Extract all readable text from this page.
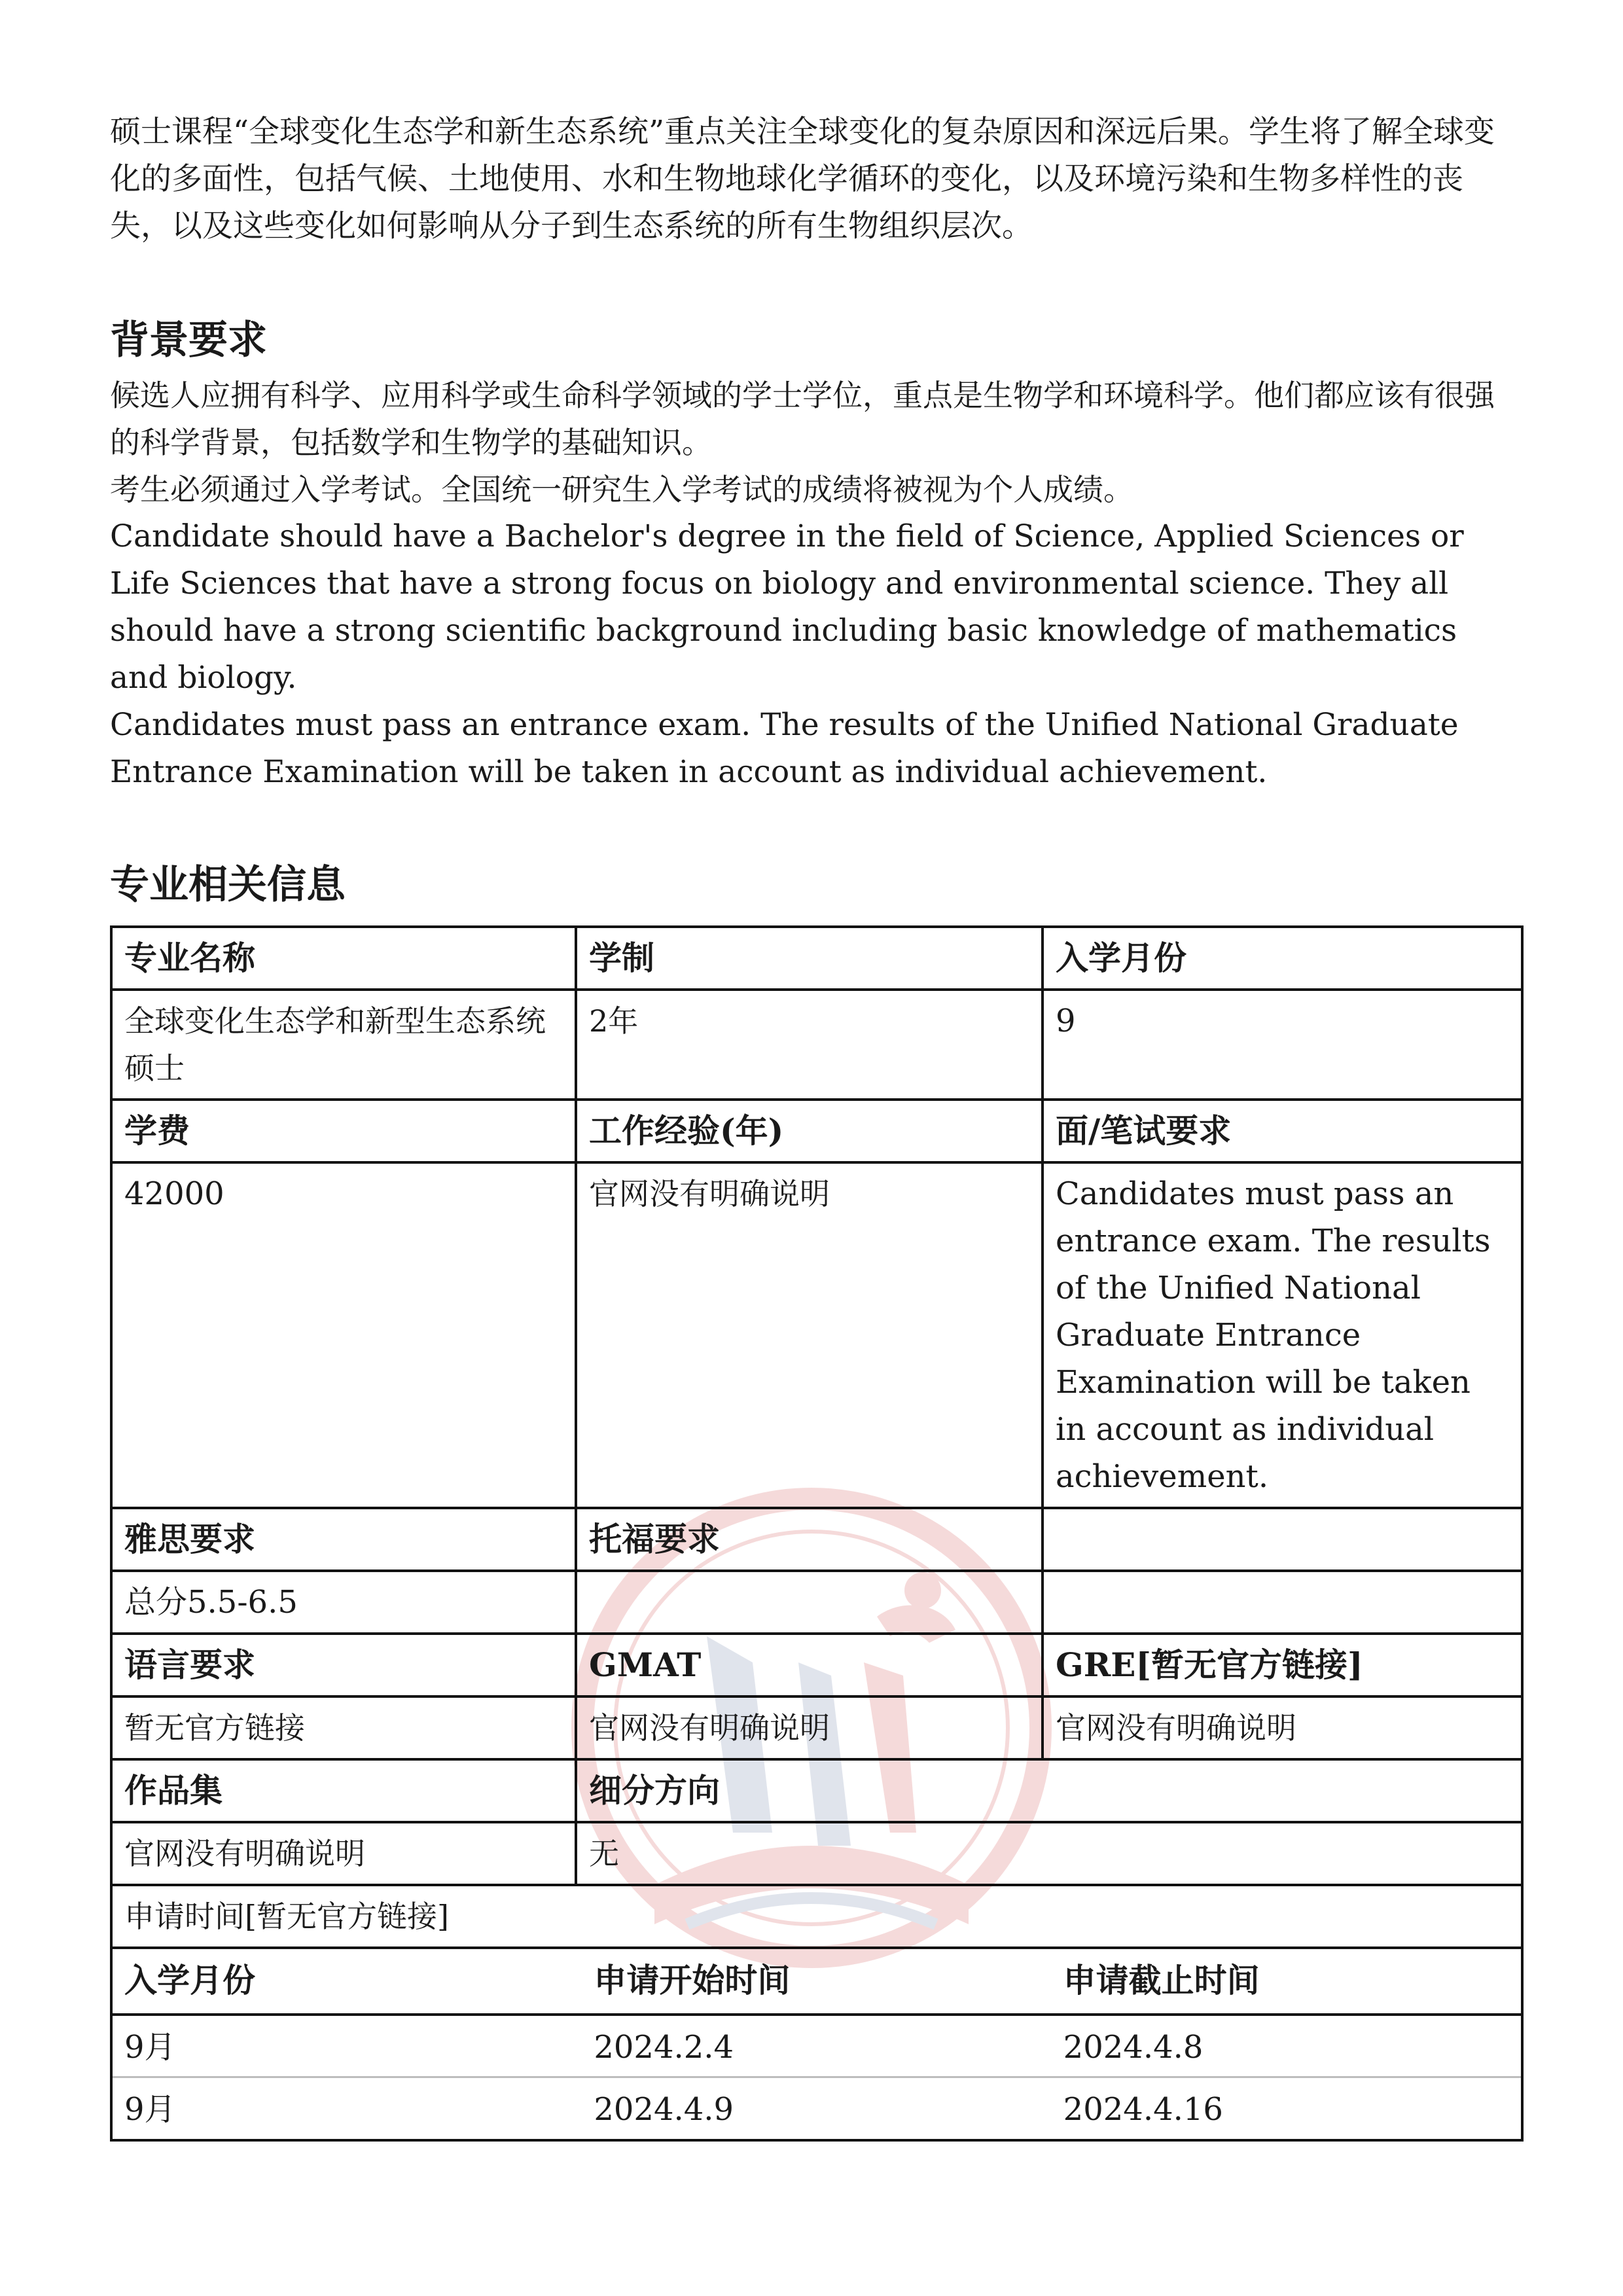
硕士课程“全球变化生态学和新生态系统”重点关注全球变化的复杂原因和深远后果。学生将了解全球变化的多面性，包括气候、土地使用、水和生物地球化学循环的变化，以及环境污染和生物多样性的丧失，以及这些变化如何影响从分子到生态系统的所有生物组织层次。
背景要求

候选人应拥有科学、应用科学或生命科学领域的学士学位，重点是生物学和环境科学。他们都应该有很强的科学背景，包括数学和生物学的基础知识。

考生必须通过入学考试。全国统一研究生入学考试的成绩将被视为个人成绩。

Candidate should have a Bachelor's degree in the field of Science, Applied Sciences or Life Sciences that have a strong focus on biology and environmental science. They all should have a strong scientific background including basic knowledge of mathematics and biology.

Candidates must pass an entrance exam. The results of the Unified National Graduate Entrance Examination will be taken in account as individual achievement.

专业相关信息
专业名称	学制	入学月份
全球变化生态学和新型生态系统硕士	2年	9
学费	工作经验(年)	面/笔试要求
42000	官网没有明确说明	Candidates must pass an entrance exam. The results of the Unified National Graduate Entrance Examination will be taken in account as individual achievement.
雅思要求	托福要求	
总分5.5-6.5		
语言要求	GMAT	GRE[暂无官方链接]
暂无官方链接	官网没有明确说明	官网没有明确说明
作品集	细分方向
官网没有明确说明	无
申请时间[暂无官方链接]

入学月份	申请开始时间	申请截止时间
9月	2024.2.4	2024.4.8
9月	2024.4.9	2024.4.16
